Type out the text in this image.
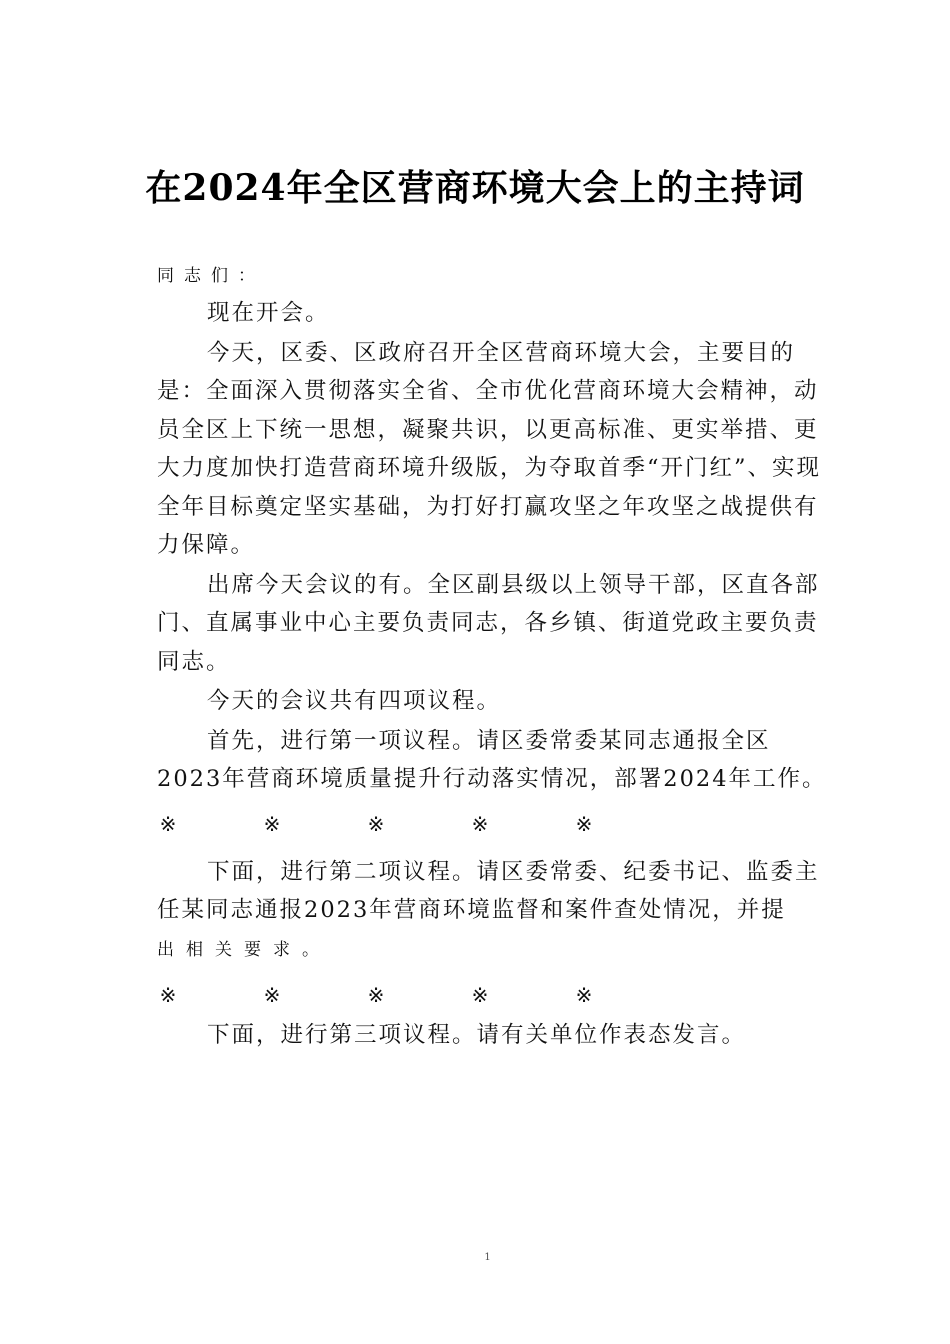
在2024年全区营商环境大会上的主持词

同志们：

现在开会。

今天，区委、区政府召开全区营商环境大会，主要目的是：全面深入贯彻落实全省、全市优化营商环境大会精神，动员全区上下统一思想，凝聚共识，以更高标准、更实举措、更大力度加快打造营商环境升级版，为夺取首季“开门红”、实现全年目标奠定坚实基础，为打好打赢攻坚之年攻坚之战提供有力保障。

出席今天会议的有。全区副县级以上领导干部，区直各部门、直属事业中心主要负责同志，各乡镇、街道党政主要负责同志。

今天的会议共有四项议程。

首先，进行第一项议程。请区委常委某同志通报全区2023年营商环境质量提升行动落实情况，部署2024年工作。

※	※	※	※	※

下面，进行第二项议程。请区委常委、纪委书记、监委主任某同志通报2023年营商环境监督和案件查处情况，并提

出相关要求。

※	※	※	※	※

下面，进行第三项议程。请有关单位作表态发言。

1
